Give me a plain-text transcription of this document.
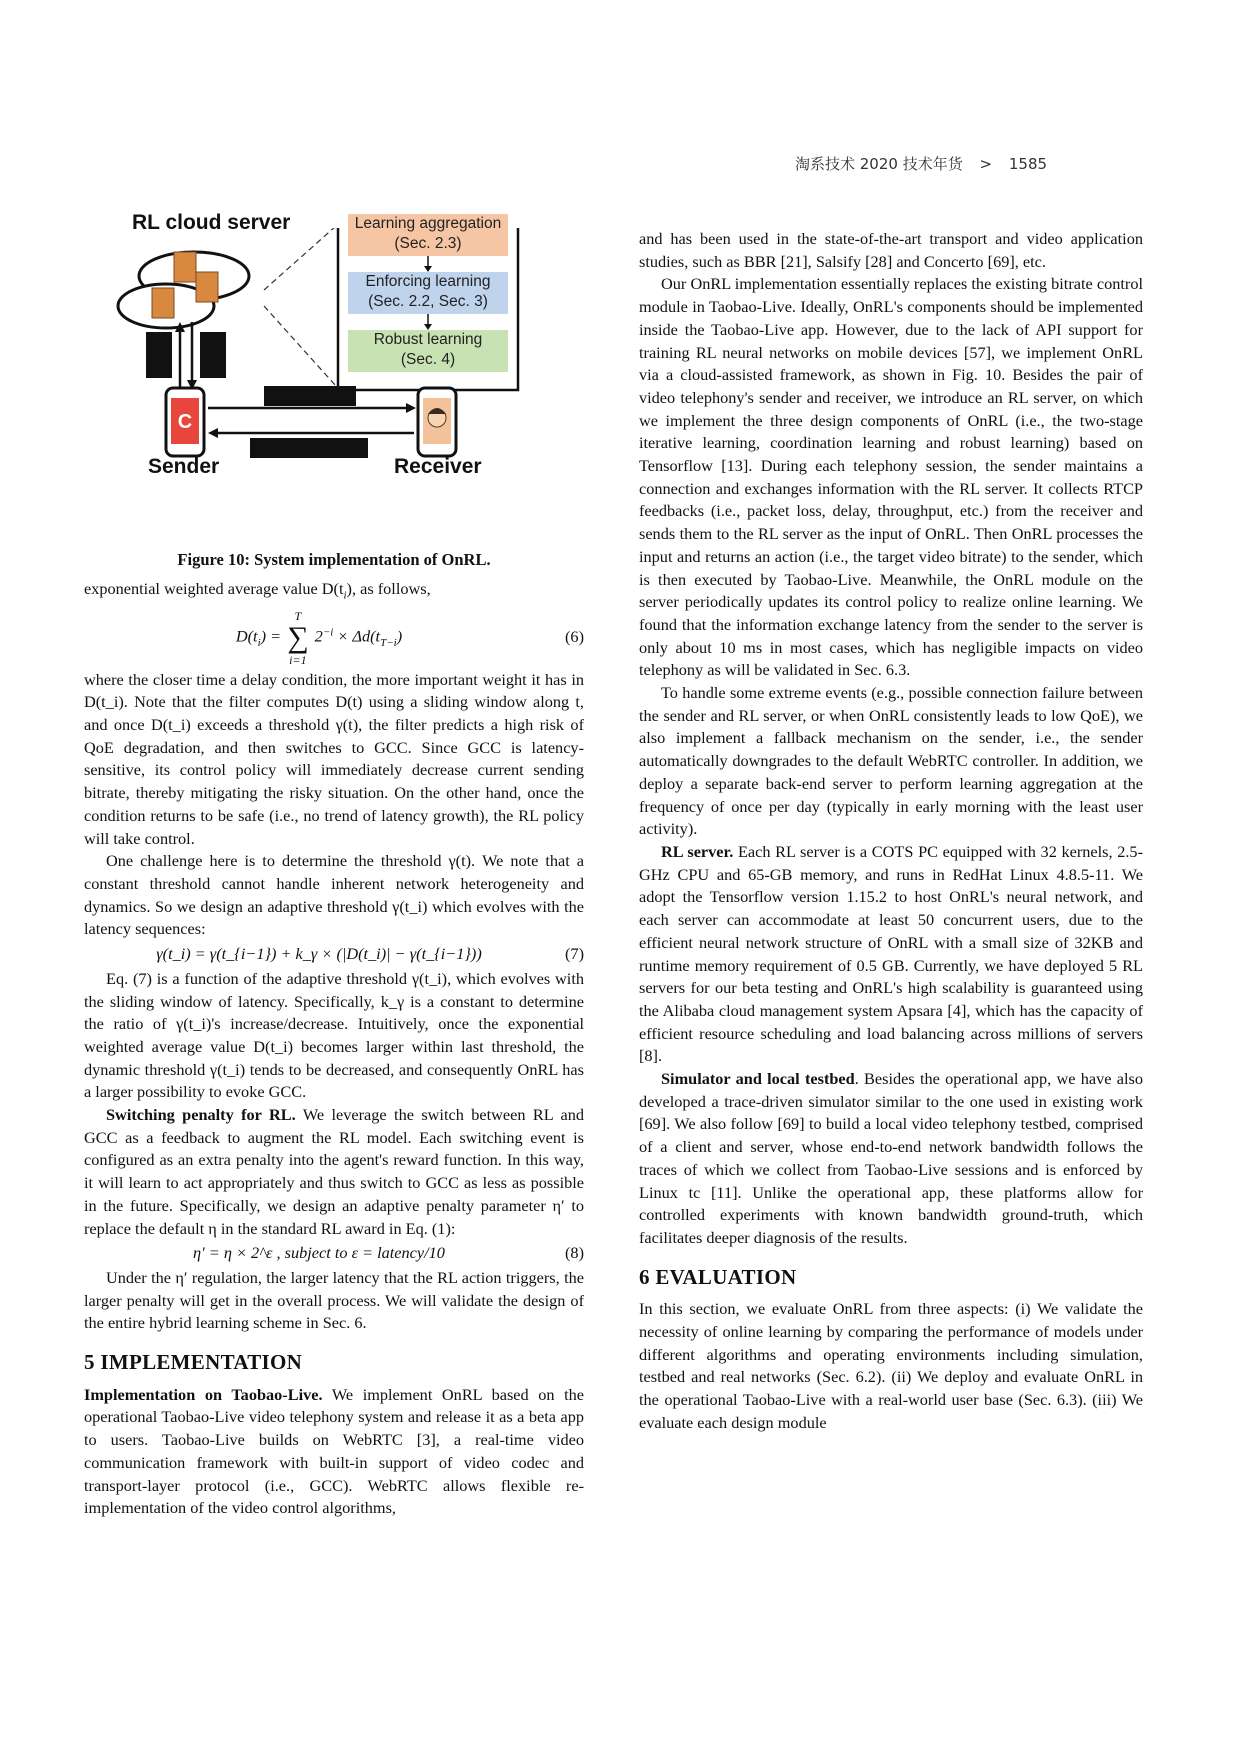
淘系技术 2020 技术年货 > 1585
C
RL cloud server	Learning aggregation
(Sec. 2.3)
Enforcing learning
(Sec. 2.2, Sec. 3)
Robust learning
(Sec. 4)
Sender	Receiver
Figure 10: System implementation of OnRL.

exponential weighted average value $D(t_i)$, as follows,

$D(t_i)$ =
T
∑
i=1
$2^{-i} \times \Delta d(t_{T-i})$	(6)

where the closer time a delay condition, the more important weight it has in D(t_i). Note that the filter computes D(t) using a sliding window along t, and once D(t_i) exceeds a threshold γ(t), the filter predicts a high risk of QoE degradation, and then switches to GCC. Since GCC is latency-sensitive, its control policy will immediately decrease current sending bitrate, thereby mitigating the risky situation. On the other hand, once the condition returns to be safe (i.e., no trend of latency growth), the RL policy will take control.

One challenge here is to determine the threshold γ(t). We note that a constant threshold cannot handle inherent network heterogeneity and dynamics. So we design an adaptive threshold γ(t_i) which evolves with the latency sequences:

γ(t_i) = γ(t_{i−1}) + k_γ × (|D(t_i)| − γ(t_{i−1}))	(7)

Eq. (7) is a function of the adaptive threshold γ(t_i), which evolves with the sliding window of latency. Specifically, k_γ is a constant to determine the ratio of γ(t_i)'s increase/decrease. Intuitively, once the exponential weighted average value D(t_i) becomes larger within last threshold, the dynamic threshold γ(t_i) tends to be decreased, and consequently OnRL has a larger possibility to evoke GCC.

Switching penalty for RL. We leverage the switch between RL and GCC as a feedback to augment the RL model. Each switching event is configured as an extra penalty into the agent's reward function. In this way, it will learn to act appropriately and thus switch to GCC as less as possible in the future. Specifically, we design an adaptive penalty parameter η′ to replace the default η in the standard RL award in Eq. (1):

η′ = η × 2^ε , subject to ε = latency/10	(8)

Under the η′ regulation, the larger latency that the RL action triggers, the larger penalty will get in the overall process. We will validate the design of the entire hybrid learning scheme in Sec. 6.

5 IMPLEMENTATION

Implementation on Taobao-Live. We implement OnRL based on the operational Taobao-Live video telephony system and release it as a beta app to users. Taobao-Live builds on WebRTC [3], a real-time video communication framework with built-in support of video codec and transport-layer protocol (i.e., GCC). WebRTC allows flexible re-implementation of the video control algorithms,

and has been used in the state-of-the-art transport and video application studies, such as BBR [21], Salsify [28] and Concerto [69], etc.

Our OnRL implementation essentially replaces the existing bitrate control module in Taobao-Live. Ideally, OnRL's components should be implemented inside the Taobao-Live app. However, due to the lack of API support for training RL neural networks on mobile devices [57], we implement OnRL via a cloud-assisted framework, as shown in Fig. 10. Besides the pair of video telephony's sender and receiver, we introduce an RL server, on which we implement the three design components of OnRL (i.e., the two-stage iterative learning, coordination learning and robust learning) based on Tensorflow [13]. During each telephony session, the sender maintains a connection and exchanges information with the RL server. It collects RTCP feedbacks (i.e., packet loss, delay, throughput, etc.) from the receiver and sends them to the RL server as the input of OnRL. Then OnRL processes the input and returns an action (i.e., the target video bitrate) to the sender, which is then executed by Taobao-Live. Meanwhile, the OnRL module on the server periodically updates its control policy to realize online learning. We found that the information exchange latency from the sender to the server is only about 10 ms in most cases, which has negligible impacts on video telephony as will be validated in Sec. 6.3.

To handle some extreme events (e.g., possible connection failure between the sender and RL server, or when OnRL consistently leads to low QoE), we also implement a fallback mechanism on the sender, i.e., the sender automatically downgrades to the default WebRTC controller. In addition, we deploy a separate back-end server to perform learning aggregation at the frequency of once per day (typically in early morning with the least user activity).

RL server. Each RL server is a COTS PC equipped with 32 kernels, 2.5-GHz CPU and 65-GB memory, and runs in RedHat Linux 4.8.5-11. We adopt the Tensorflow version 1.15.2 to host OnRL's neural network, and each server can accommodate at least 50 concurrent users, due to the efficient neural network structure of OnRL with a small size of 32KB and runtime memory requirement of 0.5 GB. Currently, we have deployed 5 RL servers for our beta testing and OnRL's high scalability is guaranteed using the Alibaba cloud management system Apsara [4], which has the capacity of efficient resource scheduling and load balancing across millions of servers [8].

Simulator and local testbed. Besides the operational app, we have also developed a trace-driven simulator similar to the one used in existing work [69]. We also follow [69] to build a local video telephony testbed, comprised of a client and server, whose end-to-end network bandwidth follows the traces of which we collect from Taobao-Live sessions and is enforced by Linux tc [11]. Unlike the operational app, these platforms allow for controlled experiments with known bandwidth ground-truth, which facilitates deeper diagnosis of the results.

6 EVALUATION

In this section, we evaluate OnRL from three aspects: (i) We validate the necessity of online learning by comparing the performance of models under different algorithms and operating environments including simulation, testbed and real networks (Sec. 6.2). (ii) We deploy and evaluate OnRL in the operational Taobao-Live with a real-world user base (Sec. 6.3). (iii) We evaluate each design module
